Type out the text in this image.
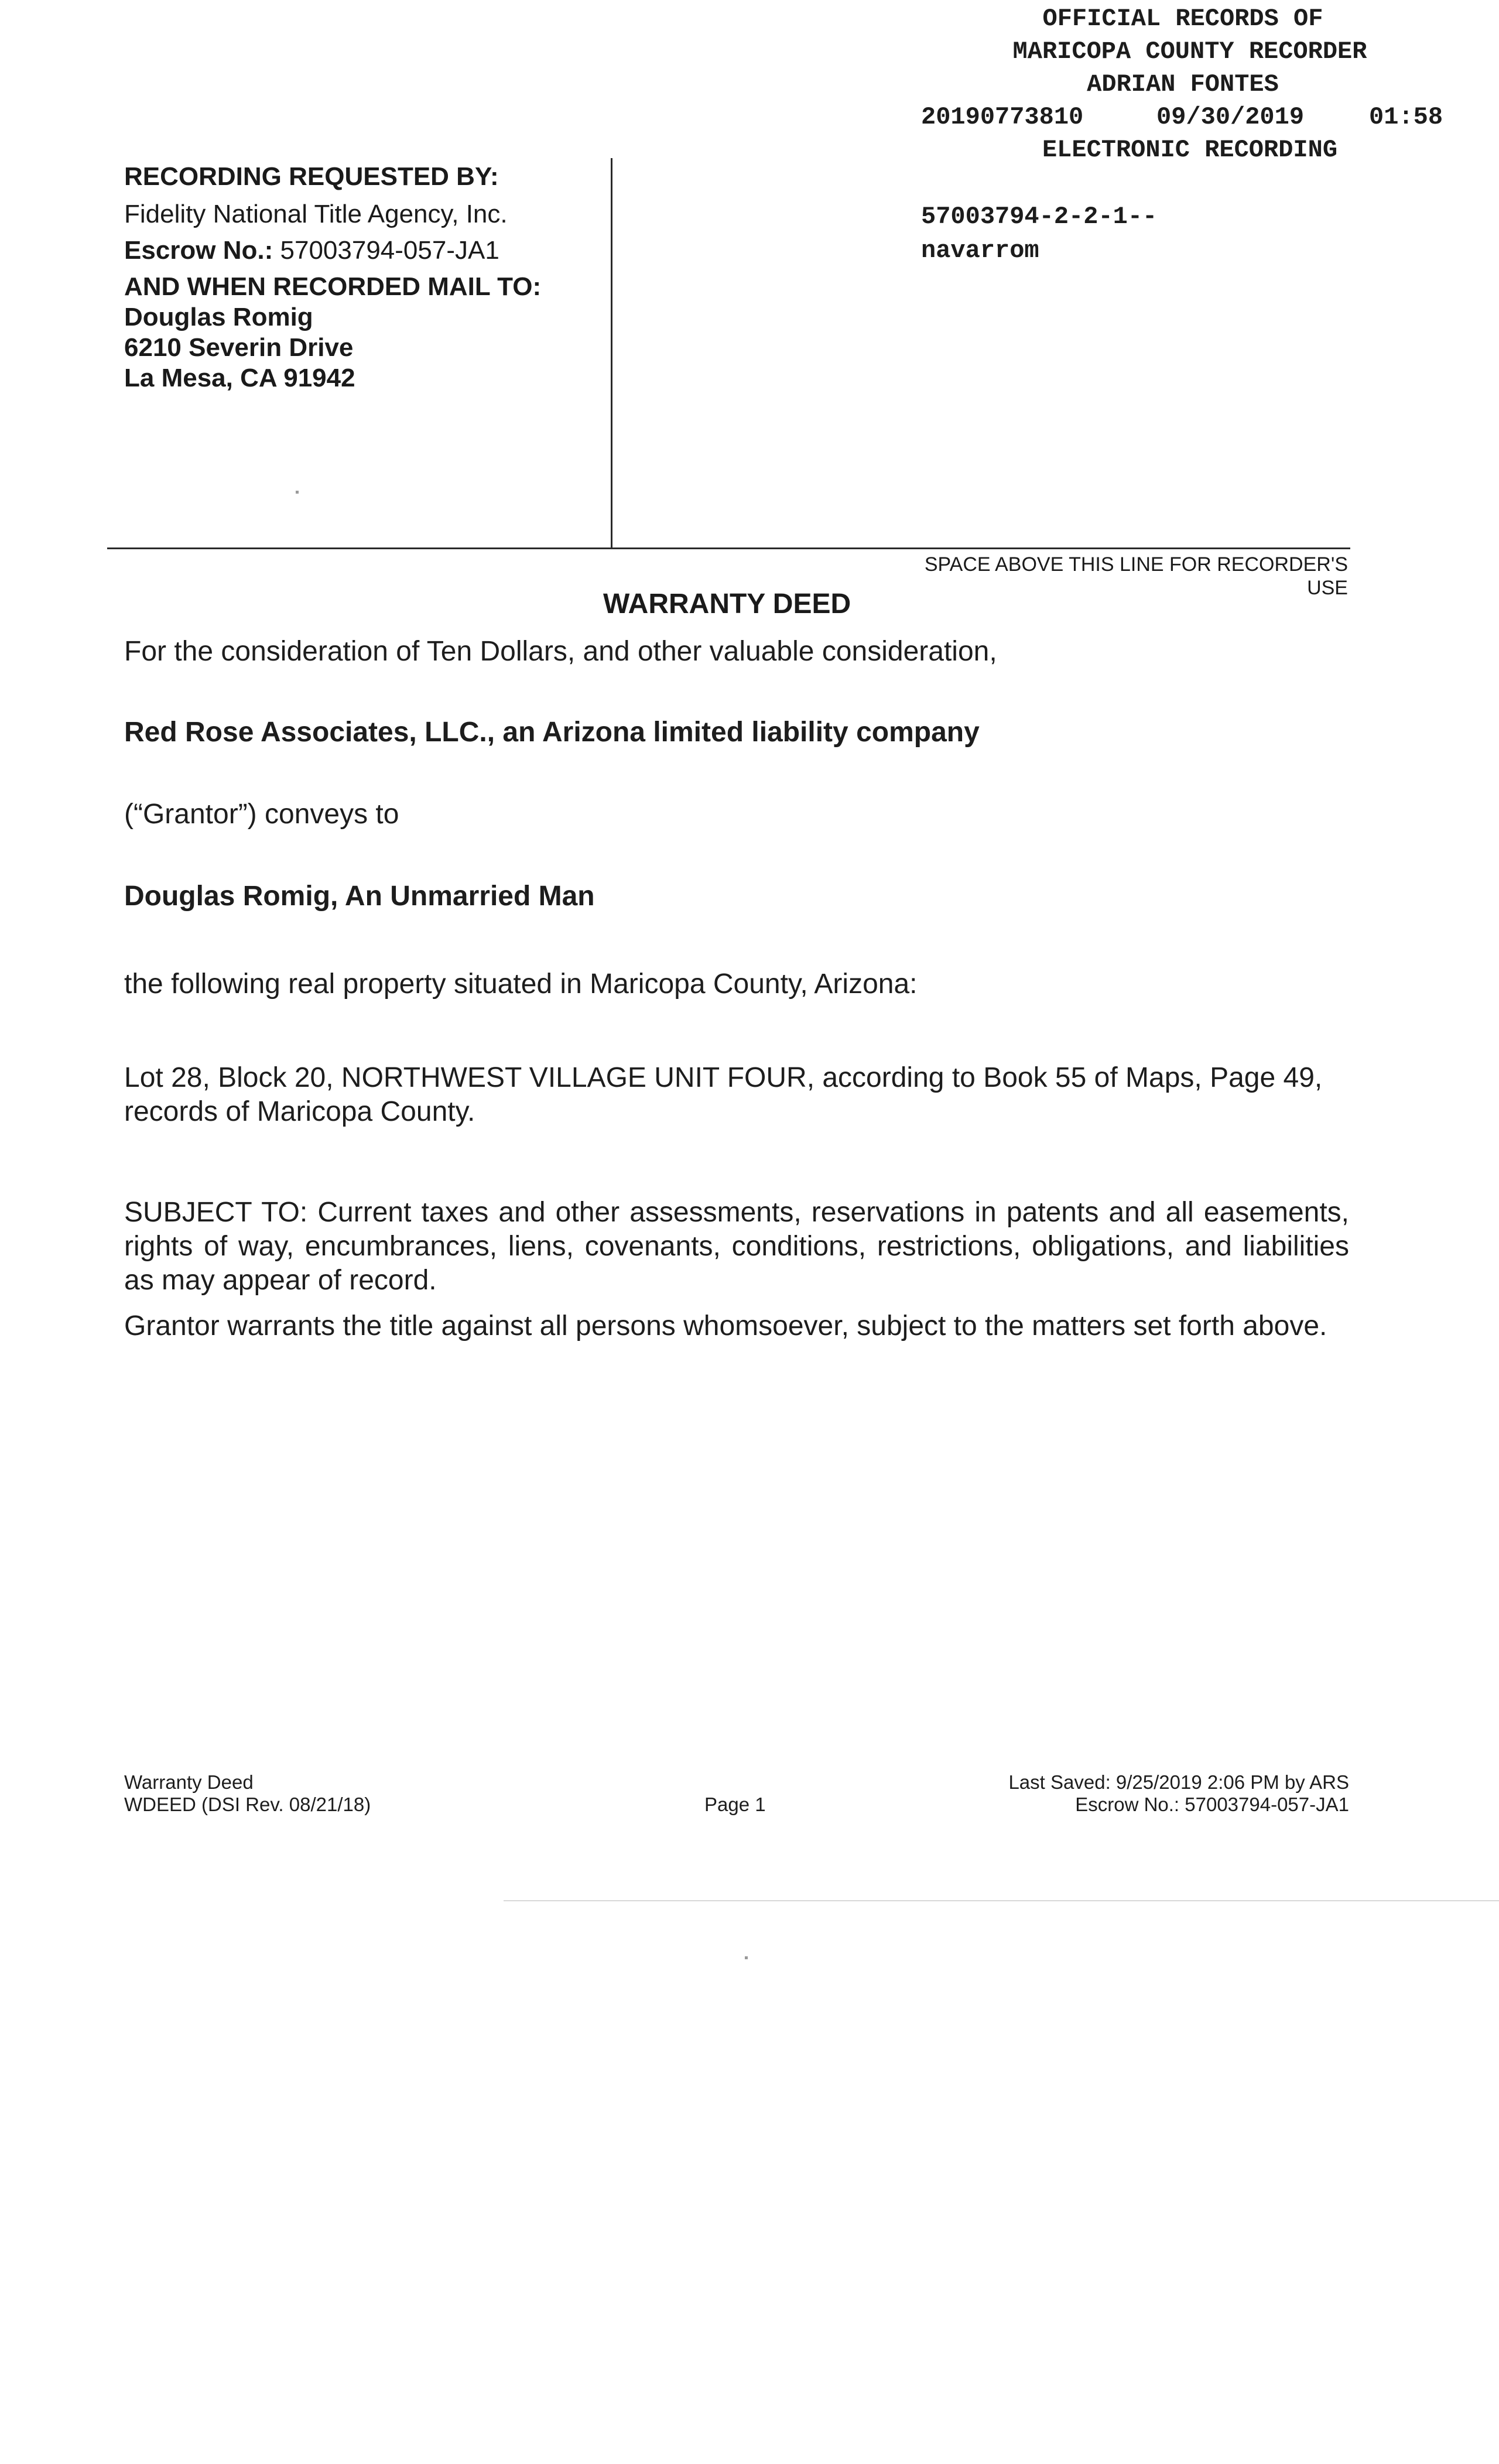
OFFICIAL RECORDS OF
MARICOPA COUNTY RECORDER
ADRIAN FONTES
20190773810	09/30/2019	01:58
ELECTRONIC RECORDING
57003794-2-2-1--
navarrom
RECORDING REQUESTED BY:
Fidelity National Title Agency, Inc.
Escrow No.: 57003794-057-JA1
AND WHEN RECORDED MAIL TO:
Douglas Romig
6210 Severin Drive
La Mesa, CA 91942
SPACE ABOVE THIS LINE FOR RECORDER'S USE
WARRANTY DEED
For the consideration of Ten Dollars, and other valuable consideration,
Red Rose Associates, LLC., an Arizona limited liability company
(“Grantor”) conveys to
Douglas Romig, An Unmarried Man
the following real property situated in Maricopa County, Arizona:
Lot 28, Block 20, NORTHWEST VILLAGE UNIT FOUR, according to Book 55 of Maps, Page 49, records of Maricopa County.
SUBJECT TO: Current taxes and other assessments, reservations in patents and all easements, rights of way, encumbrances, liens, covenants, conditions, restrictions, obligations, and liabilities as may appear of record.
Grantor warrants the title against all persons whomsoever, subject to the matters set forth above.
Warranty Deed
WDEED (DSI Rev. 08/21/18)	Page 1
Last Saved: 9/25/2019 2:06 PM by ARS
Escrow No.: 57003794-057-JA1
